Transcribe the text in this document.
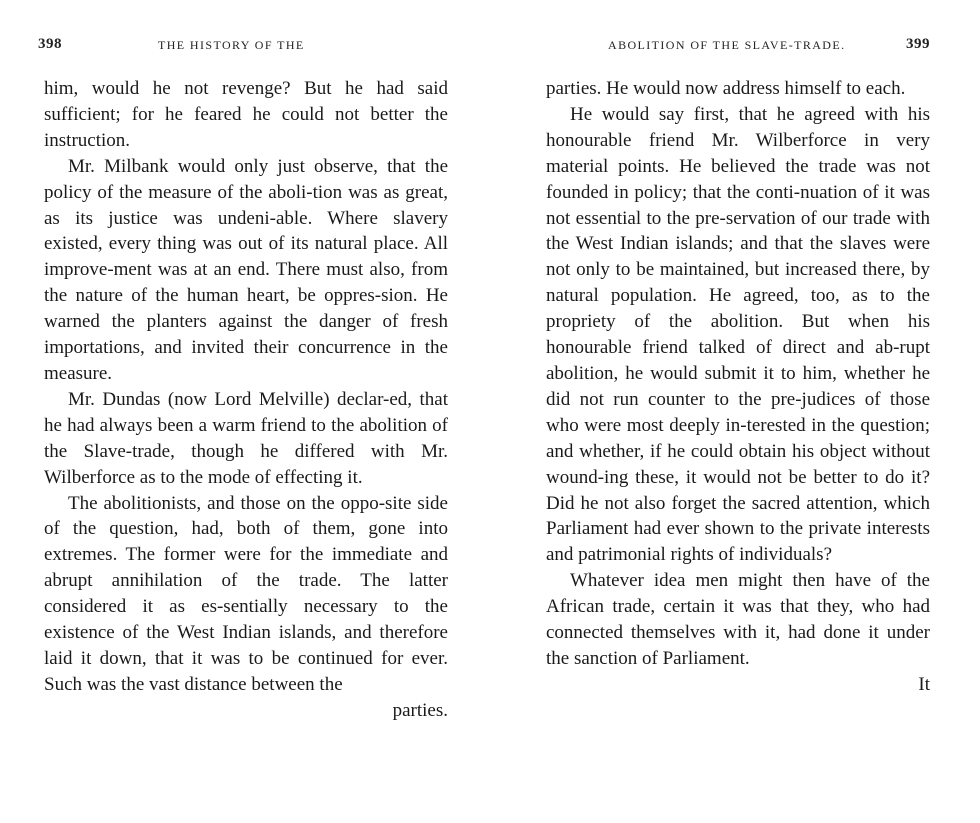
398	THE HISTORY OF THE

him, would he not revenge? But he had said sufficient; for he feared he could not better the instruction.

Mr. Milbank would only just observe, that the policy of the measure of the aboli-tion was as great, as its justice was undeni-able. Where slavery existed, every thing was out of its natural place. All improve-ment was at an end. There must also, from the nature of the human heart, be oppres-sion. He warned the planters against the danger of fresh importations, and invited their concurrence in the measure.

Mr. Dundas (now Lord Melville) declar-ed, that he had always been a warm friend to the abolition of the Slave-trade, though he differed with Mr. Wilberforce as to the mode of effecting it.

The abolitionists, and those on the oppo-site side of the question, had, both of them, gone into extremes. The former were for the immediate and abrupt annihilation of the trade. The latter considered it as es-sentially necessary to the existence of the West Indian islands, and therefore laid it down, that it was to be continued for ever. Such was the vast distance between the

parties.

ABOLITION OF THE SLAVE-TRADE.	399

parties. He would now address himself to each.

He would say first, that he agreed with his honourable friend Mr. Wilberforce in very material points. He believed the trade was not founded in policy; that the conti-nuation of it was not essential to the pre-servation of our trade with the West Indian islands; and that the slaves were not only to be maintained, but increased there, by natural population. He agreed, too, as to the propriety of the abolition. But when his honourable friend talked of direct and ab-rupt abolition, he would submit it to him, whether he did not run counter to the pre-judices of those who were most deeply in-terested in the question; and whether, if he could obtain his object without wound-ing these, it would not be better to do it? Did he not also forget the sacred attention, which Parliament had ever shown to the private interests and patrimonial rights of individuals?

Whatever idea men might then have of the African trade, certain it was that they, who had connected themselves with it, had done it under the sanction of Parliament.

It
